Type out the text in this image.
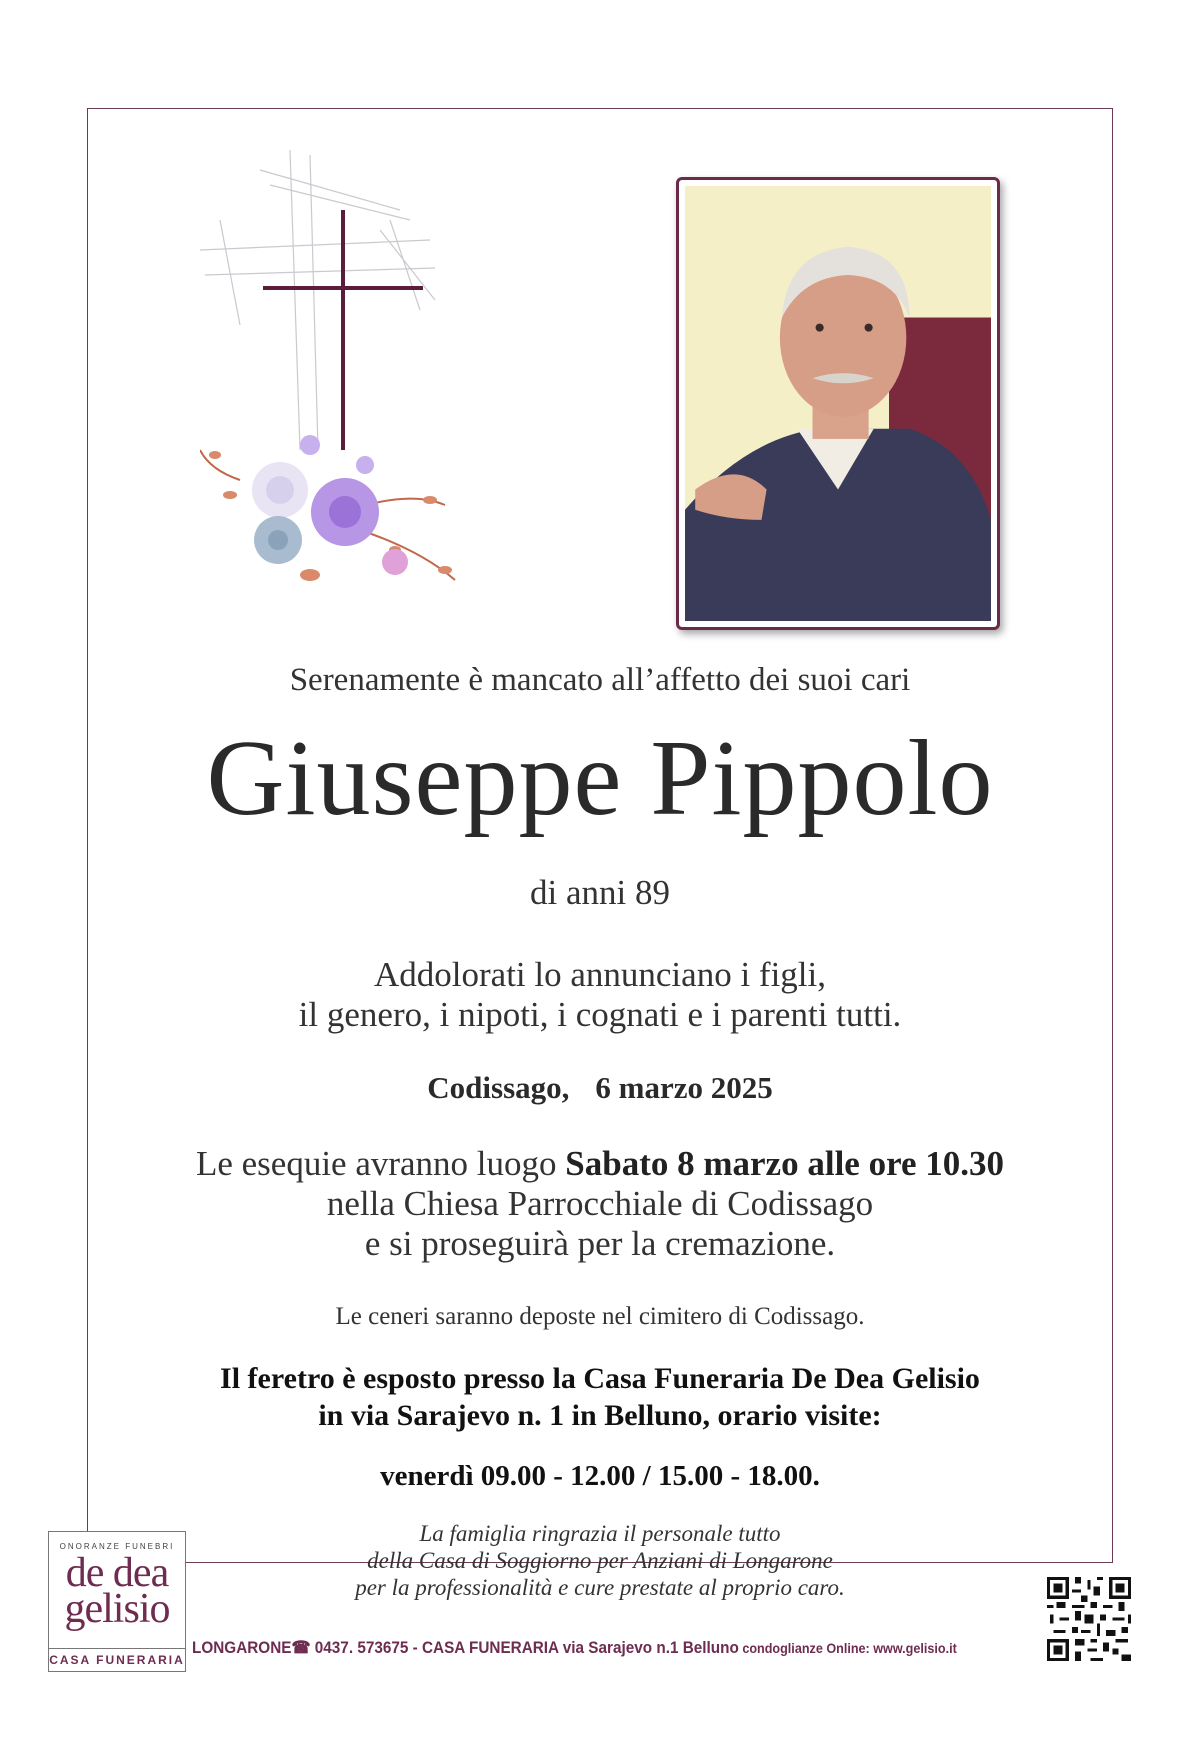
Serenamente è mancato all’affetto dei suoi cari
Giuseppe Pippolo
di anni 89
Addolorati lo annunciano i figli,
il genero, i nipoti, i cognati e i parenti tutti.
Codissago, 6 marzo 2025
Le esequie avranno luogo Sabato 8 marzo alle ore 10.30
nella Chiesa Parrocchiale di Codissago
e si proseguirà per la cremazione.
Le ceneri saranno deposte nel cimitero di Codissago.
Il feretro è esposto presso la Casa Funeraria De Dea Gelisio
in via Sarajevo n. 1 in Belluno, orario visite:
venerdì 09.00 - 12.00 / 15.00 - 18.00.
La famiglia ringrazia il personale tutto
della Casa di Soggiorno per Anziani di Longarone
per la professionalità e cure prestate al proprio caro.
ONORANZE FUNEBRI
de dea
gelisio
CASA FUNERARIA
LONGARONE☎ 0437. 573675 - CASA FUNERARIA via Sarajevo n.1 Belluno condoglianze Online: www.gelisio.it
